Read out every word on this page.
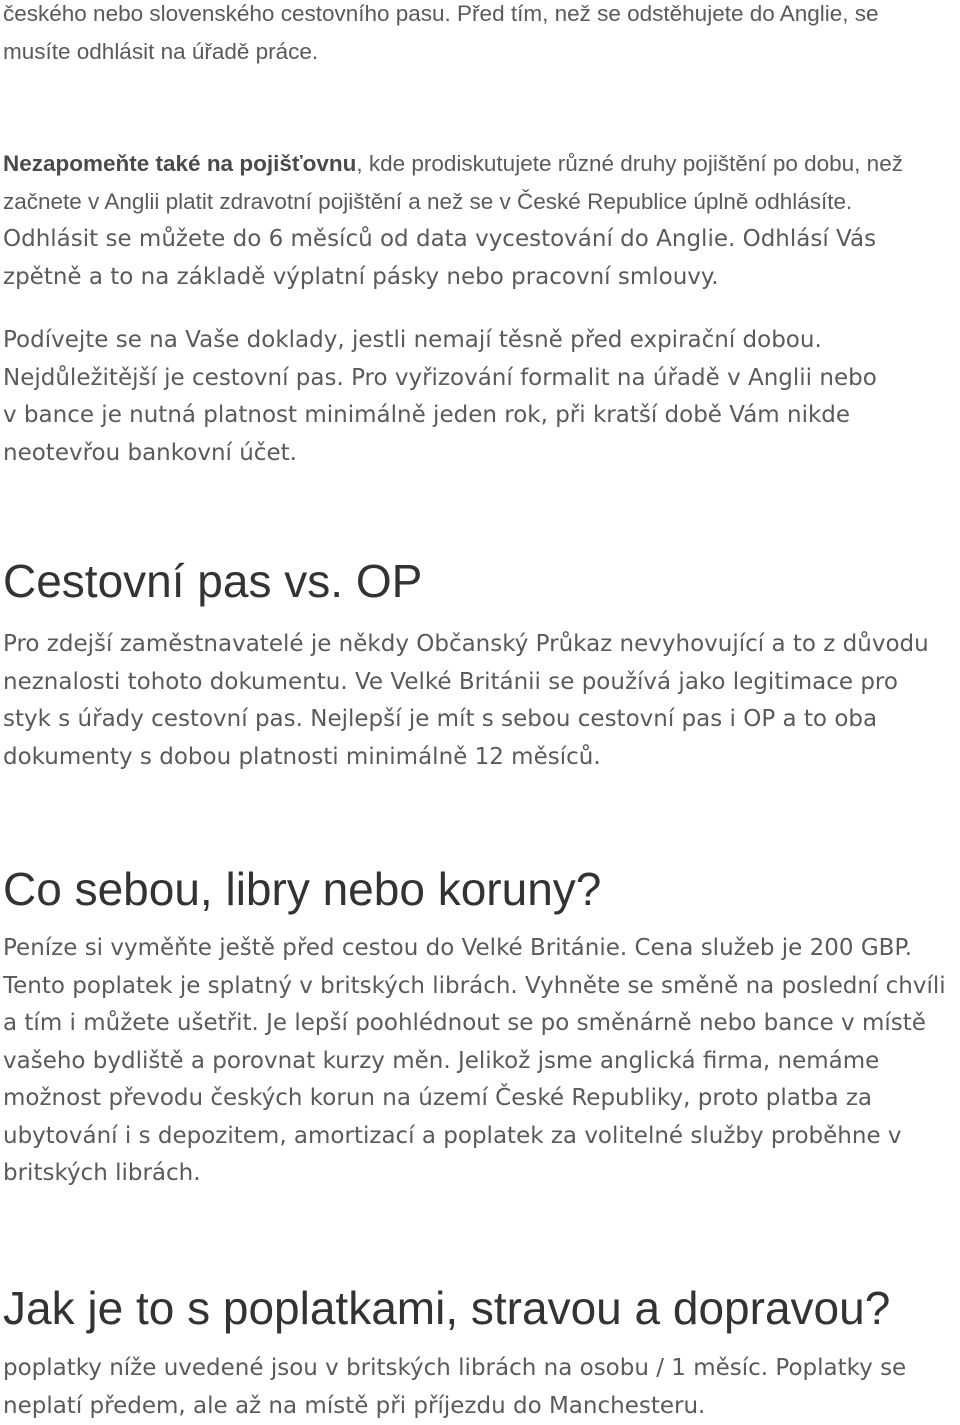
českého nebo slovenského cestovního pasu. Před tím, než se odstěhujete do Anglie, se musíte odhlásit na úřadě práce.

Nezapomeňte také na pojišťovnu, kde prodiskutujete různé druhy pojištění po dobu, než začnete v Anglii platit zdravotní pojištění a než se v České Republice úplně odhlásíte. Odhlásit se můžete do 6 měsíců od data vycestování do Anglie. Odhlásí Vás zpětně a to na základě výplatní pásky nebo pracovní smlouvy.

Podívejte se na Vaše doklady, jestli nemají těsně před expirační dobou. Nejdůležitější je cestovní pas. Pro vyřizování formalit na úřadě v Anglii nebo v bance je nutná platnost minimálně jeden rok, při kratší době Vám nikde neotevřou bankovní účet.

Cestovní pas vs. OP

Pro zdejší zaměstnavatelé je někdy Občanský Průkaz nevyhovující a to z důvodu neznalosti tohoto dokumentu. Ve Velké Británii se používá jako legitimace pro styk s úřady cestovní pas. Nejlepší je mít s sebou cestovní pas i OP a to oba dokumenty s dobou platnosti minimálně 12 měsíců.

Co sebou, libry nebo koruny?

Peníze si vyměňte ještě před cestou do Velké Británie. Cena služeb je 200 GBP. Tento poplatek je splatný v britských librách. Vyhněte se směně na poslední chvíli a tím i můžete ušetřit. Je lepší poohlédnout se po směnárně nebo bance v místě vašeho bydliště a porovnat kurzy měn. Jelikož jsme anglická firma, nemáme možnost převodu českých korun na území České Republiky, proto platba za ubytování i s depozitem, amortizací a poplatek za volitelné služby proběhne v britských librách.

Jak je to s poplatkami, stravou a dopravou?

poplatky níže uvedené jsou v britských librách na osobu / 1 měsíc. Poplatky se neplatí předem, ale až na místě při příjezdu do Manchesteru.
